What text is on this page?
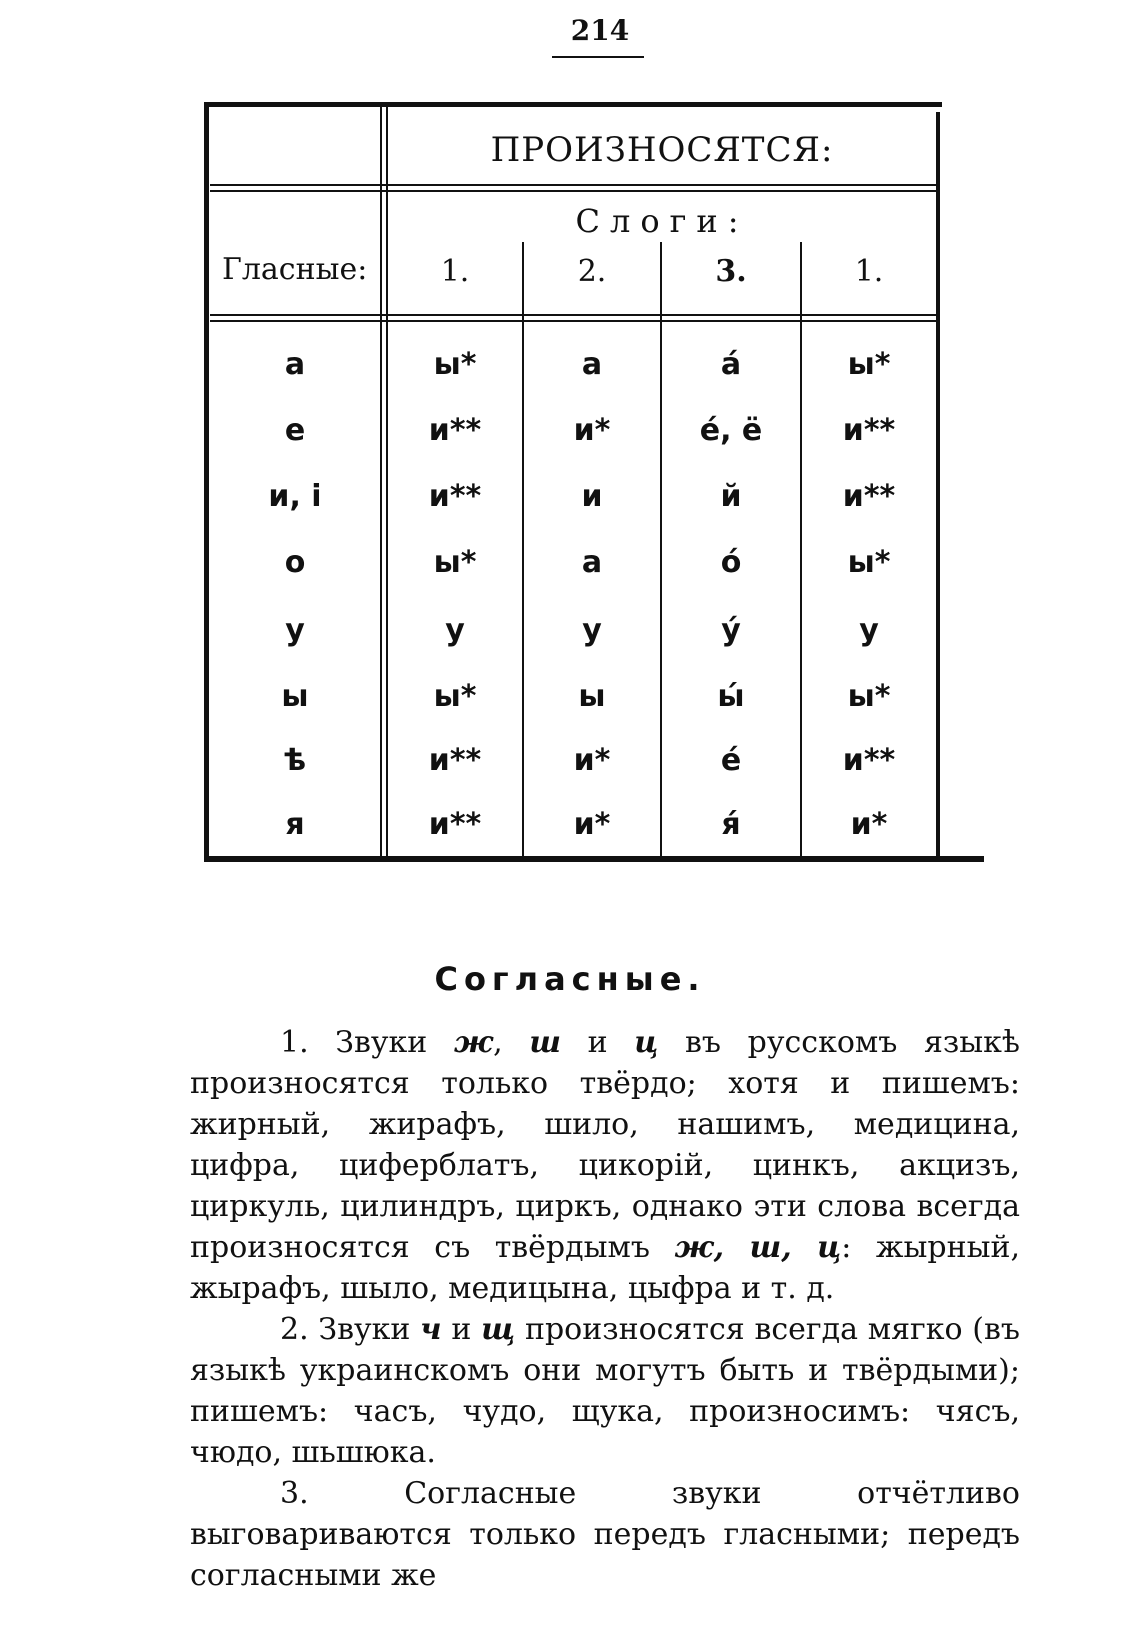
214
ПРОИЗНОСЯТСЯ:
Слоги:
Гласные:	1.	2.	3.	1.
а	ы*	а	á	ы*
е	и**	и*	é, ё	и**
и, і	и**	и	й	и**
о	ы*	а	ó	ы*
у	у	у	ý	у
ы	ы*	ы	ы́	ы*
ѣ	и**	и*	é	и**
я	и**	и*	я́	и*
Согласные.

1. Звуки ж, ш и ц въ русскомъ языкѣ произносятся только твёрдо; хотя и пишемъ: жирный, жирафъ, шило, нашимъ, медицина, цифра, циферблатъ, цикорій, цинкъ, акцизъ, циркуль, цилиндръ, циркъ, однако эти слова всегда произносятся съ твёрдымъ ж, ш, ц: жырный, жырафъ, шыло, медицына, цыфра и т. д.

2. Звуки ч и щ произносятся всегда мягко (въ языкѣ украинскомъ они могутъ быть и твёрдыми); пишемъ: часъ, чудо, щука, произносимъ: чясъ, чюдо, шьшюка.

3. Согласные звуки отчётливо выговариваются только передъ гласными; передъ согласными же
